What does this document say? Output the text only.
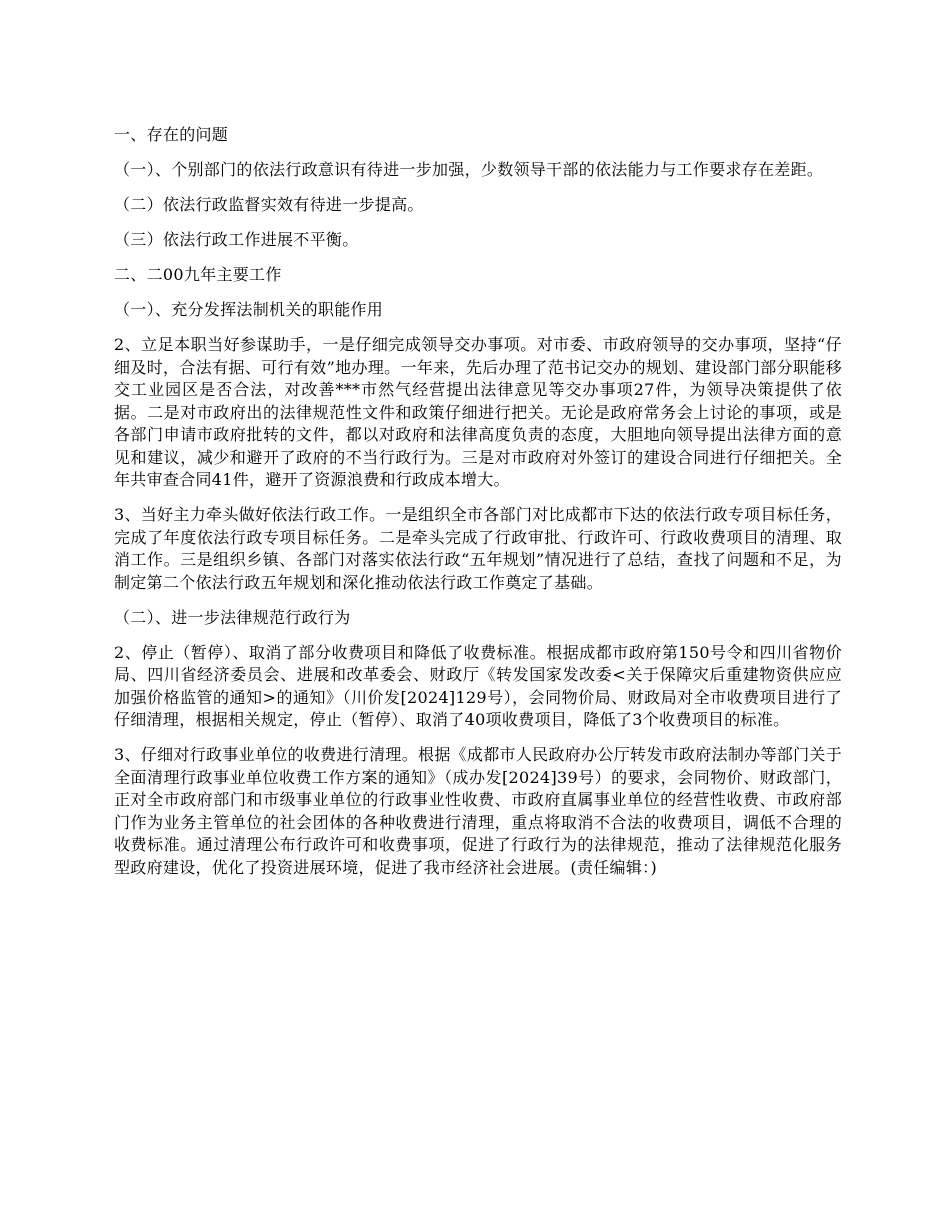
一、存在的问题

（一）、个别部门的依法行政意识有待进一步加强，少数领导干部的依法能力与工作要求存在差距。

（二）依法行政监督实效有待进一步提高。

（三）依法行政工作进展不平衡。

二、二00九年主要工作

（一）、充分发挥法制机关的职能作用

2、立足本职当好参谋助手，一是仔细完成领导交办事项。对市委、市政府领导的交办事项，坚持“仔细及时，合法有据、可行有效”地办理。一年来，先后办理了范书记交办的规划、建设部门部分职能移交工业园区是否合法，对改善***市然气经营提出法律意见等交办事项27件，为领导决策提供了依据。二是对市政府出的法律规范性文件和政策仔细进行把关。无论是政府常务会上讨论的事项，或是各部门申请市政府批转的文件，都以对政府和法律高度负责的态度，大胆地向领导提出法律方面的意见和建议，减少和避开了政府的不当行政行为。三是对市政府对外签订的建设合同进行仔细把关。全年共审查合同41件，避开了资源浪费和行政成本增大。

3、当好主力牵头做好依法行政工作。一是组织全市各部门对比成都市下达的依法行政专项目标任务，完成了年度依法行政专项目标任务。二是牵头完成了行政审批、行政许可、行政收费项目的清理、取消工作。三是组织乡镇、各部门对落实依法行政“五年规划”情况进行了总结，查找了问题和不足，为制定第二个依法行政五年规划和深化推动依法行政工作奠定了基础。

（二）、进一步法律规范行政行为

2、停止（暂停）、取消了部分收费项目和降低了收费标准。根据成都市政府第150号令和四川省物价局、四川省经济委员会、进展和改革委会、财政厅《转发国家发改委<关于保障灾后重建物资供应应加强价格监管的通知>的通知》（川价发[2024]129号），会同物价局、财政局对全市收费项目进行了仔细清理，根据相关规定，停止（暂停）、取消了40项收费项目，降低了3个收费项目的标准。

3、仔细对行政事业单位的收费进行清理。根据《成都市人民政府办公厅转发市政府法制办等部门关于全面清理行政事业单位收费工作方案的通知》（成办发[2024]39号）的要求，会同物价、财政部门，正对全市政府部门和市级事业单位的行政事业性收费、市政府直属事业单位的经营性收费、市政府部门作为业务主管单位的社会团体的各种收费进行清理，重点将取消不合法的收费项目，调低不合理的收费标准。通过清理公布行政许可和收费事项，促进了行政行为的法律规范，推动了法律规范化服务型政府建设，优化了投资进展环境，促进了我市经济社会进展。(责任编辑：)
